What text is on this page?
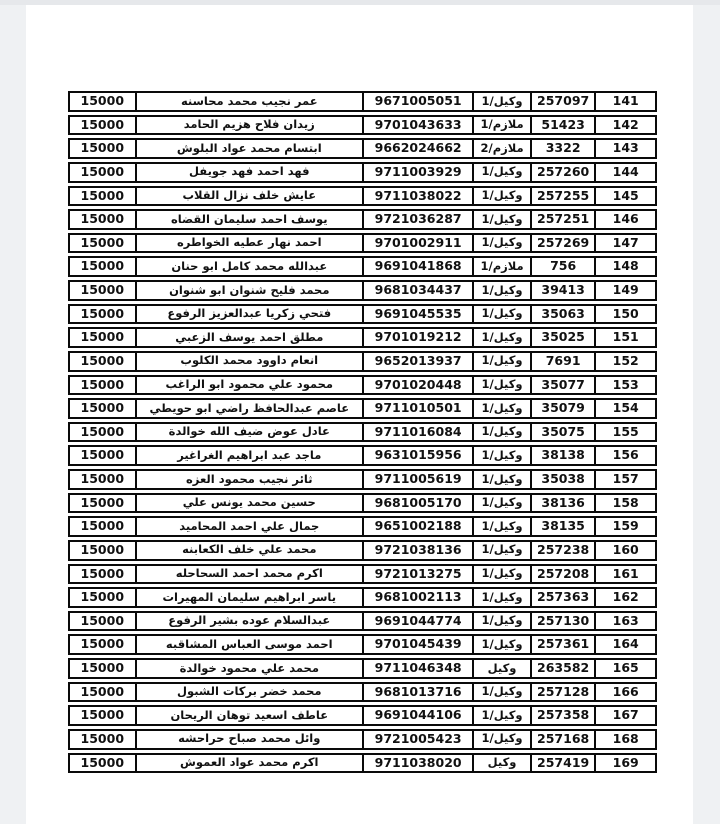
141
257097
وكيل/1
9671005051
عمر نجيب محمد محاسنه
15000
142
51423
ملازم/1
9701043633
زيدان فلاح هزيم الحامد
15000
143
3322
ملازم/2
9662024662
ابتسام محمد عواد البلوش
15000
144
257260
وكيل/1
9711003929
فهد احمد فهد جويفل
15000
145
257255
وكيل/1
9711038022
عايش خلف نزال القلاب
15000
146
257251
وكيل/1
9721036287
يوسف احمد سليمان القضاه
15000
147
257269
وكيل/1
9701002911
احمد نهار عطيه الخواطره
15000
148
756
ملازم/1
9691041868
عبدالله محمد كامل ابو حنان
15000
149
39413
وكيل/1
9681034437
محمد فليح شنوان ابو شنوان
15000
150
35063
وكيل/1
9691045535
فتحي زكريا عبدالعزيز الرفوع
15000
151
35025
وكيل/1
9701019212
مطلق احمد يوسف الزعبي
15000
152
7691
وكيل/1
9652013937
انعام داوود محمد الكلوب
15000
153
35077
وكيل/1
9701020448
محمود علي محمود ابو الراغب
15000
154
35079
وكيل/1
9711010501
عاصم عبدالحافظ راضي ابو حويطي
15000
155
35075
وكيل/1
9711016084
عادل عوض ضيف الله خوالدة
15000
156
38138
وكيل/1
9631015956
ماجد عبد ابراهيم الغراغير
15000
157
35038
وكيل/1
9711005619
ثائر نجيب محمود العزه
15000
158
38136
وكيل/1
9681005170
حسين محمد يونس علي
15000
159
38135
وكيل/1
9651002188
جمال علي احمد المحاميد
15000
160
257238
وكيل/1
9721038136
محمد علي خلف الكعابنه
15000
161
257208
وكيل/1
9721013275
اكرم محمد احمد السحاحله
15000
162
257363
وكيل/1
9681002113
ياسر ابراهيم سليمان المهيرات
15000
163
257130
وكيل/1
9691044774
عبدالسلام عوده بشير الرفوع
15000
164
257361
وكيل/1
9701045439
احمد موسى العباس المشاقبه
15000
165
263582
وكيل
9711046348
محمد علي محمود خوالدة
15000
166
257128
وكيل/1
9681013716
محمد خضر بركات الشبول
15000
167
257358
وكيل/1
9691044106
عاطف اسعيد توهان الريحان
15000
168
257168
وكيل/1
9721005423
وائل محمد صباح حراحشه
15000
169
257419
وكيل
9711038020
اكرم محمد عواد العموش
15000
